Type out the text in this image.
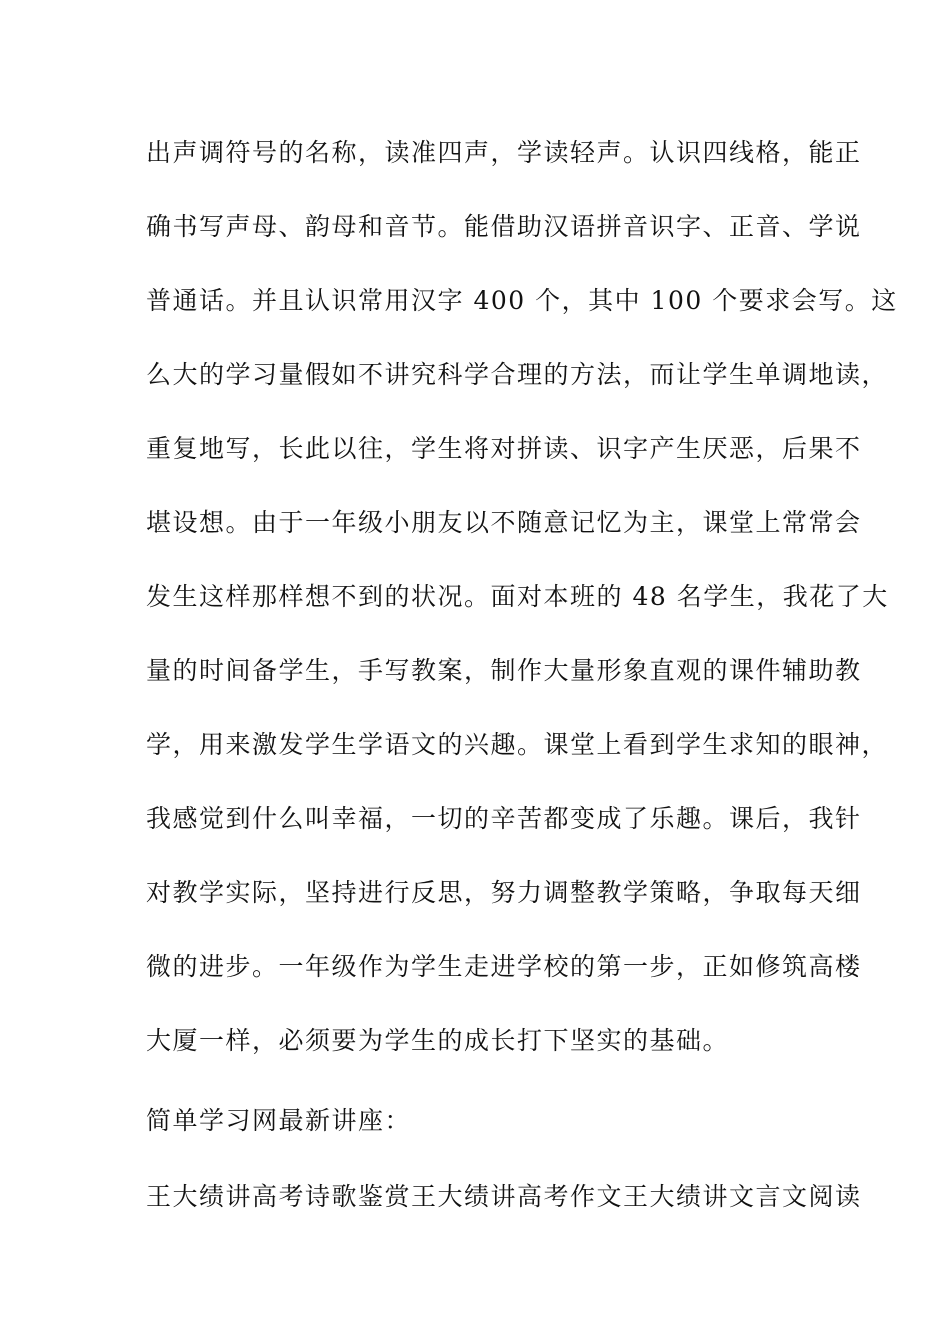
出声调符号的名称，读准四声，学读轻声。认识四线格，能正
确书写声母、韵母和音节。能借助汉语拼音识字、正音、学说
普通话。并且认识常用汉字 400 个，其中 100 个要求会写。这
么大的学习量假如不讲究科学合理的方法，而让学生单调地读，
重复地写，长此以往，学生将对拼读、识字产生厌恶，后果不
堪设想。由于一年级小朋友以不随意记忆为主，课堂上常常会
发生这样那样想不到的状况。面对本班的 48 名学生，我花了大
量的时间备学生，手写教案，制作大量形象直观的课件辅助教
学，用来激发学生学语文的兴趣。课堂上看到学生求知的眼神，
我感觉到什么叫幸福，一切的辛苦都变成了乐趣。课后，我针
对教学实际，坚持进行反思，努力调整教学策略，争取每天细
微的进步。一年级作为学生走进学校的第一步，正如修筑高楼
大厦一样，必须要为学生的成长打下坚实的基础。
简单学习网最新讲座：
王大绩讲高考诗歌鉴赏王大绩讲高考作文王大绩讲文言文阅读
